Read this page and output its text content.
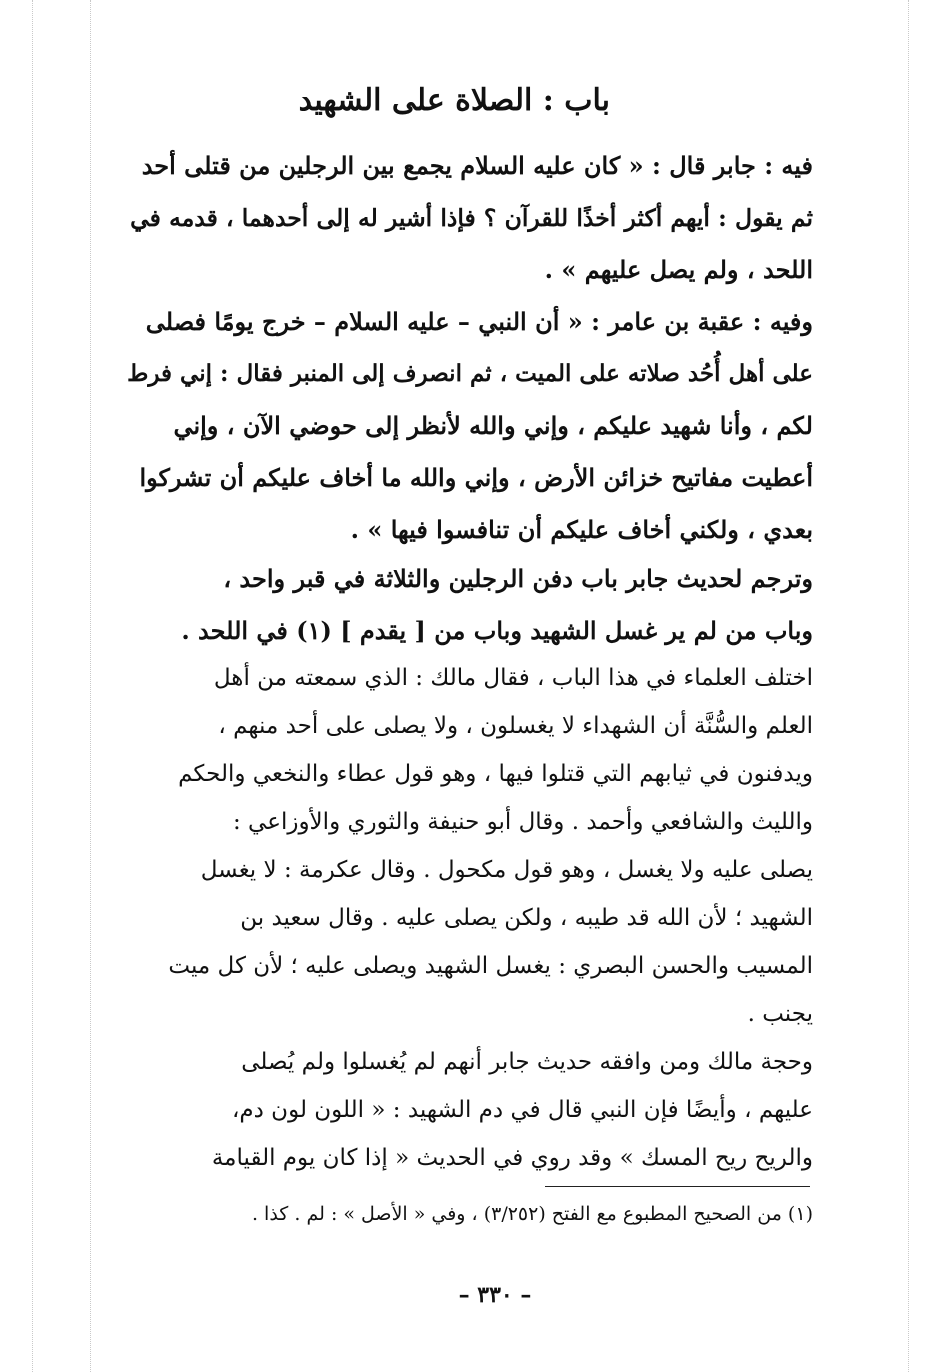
باب : الصلاة على الشهيد
فيه : جابر قال : « كان عليه السلام يجمع بين الرجلين من قتلى أحد
ثم يقول : أيهم أكثر أخذًا للقرآن ؟ فإذا أشير له إلى أحدهما ، قدمه في
اللحد ، ولم يصل عليهم » .
وفيه : عقبة بن عامر : « أن النبي – عليه السلام – خرج يومًا فصلى
على أهل أُحُد صلاته على الميت ، ثم انصرف إلى المنبر فقال : إني فرط
لكم ، وأنا شهيد عليكم ، وإني والله لأنظر إلى حوضي الآن ، وإني
أعطيت مفاتيح خزائن الأرض ، وإني والله ما أخاف عليكم أن تشركوا
بعدي ، ولكني أخاف عليكم أن تنافسوا فيها » .
وترجم لحديث جابر باب دفن الرجلين والثلاثة في قبر واحد ،
وباب من لم ير غسل الشهيد وباب من [ يقدم ] (١) في اللحد .
اختلف العلماء في هذا الباب ، فقال مالك : الذي سمعته من أهل
العلم والسُّنَّة أن الشهداء لا يغسلون ، ولا يصلى على أحد منهم ،
ويدفنون في ثيابهم التي قتلوا فيها ، وهو قول عطاء والنخعي والحكم
والليث والشافعي وأحمد . وقال أبو حنيفة والثوري والأوزاعي :
يصلى عليه ولا يغسل ، وهو قول مكحول . وقال عكرمة : لا يغسل
الشهيد ؛ لأن الله قد طيبه ، ولكن يصلى عليه . وقال سعيد بن
المسيب والحسن البصري : يغسل الشهيد ويصلى عليه ؛ لأن كل ميت
يجنب .
وحجة مالك ومن وافقه حديث جابر أنهم لم يُغسلوا ولم يُصلى
عليهم ، وأيضًا فإن النبي قال في دم الشهيد : « اللون لون دم،
والريح ريح المسك » وقد روي في الحديث « إذا كان يوم القيامة
(١) من الصحيح المطبوع مع الفتح (٣/٢٥٢) ، وفي « الأصل » : لم . كذا .
– ٣٣٠ –
